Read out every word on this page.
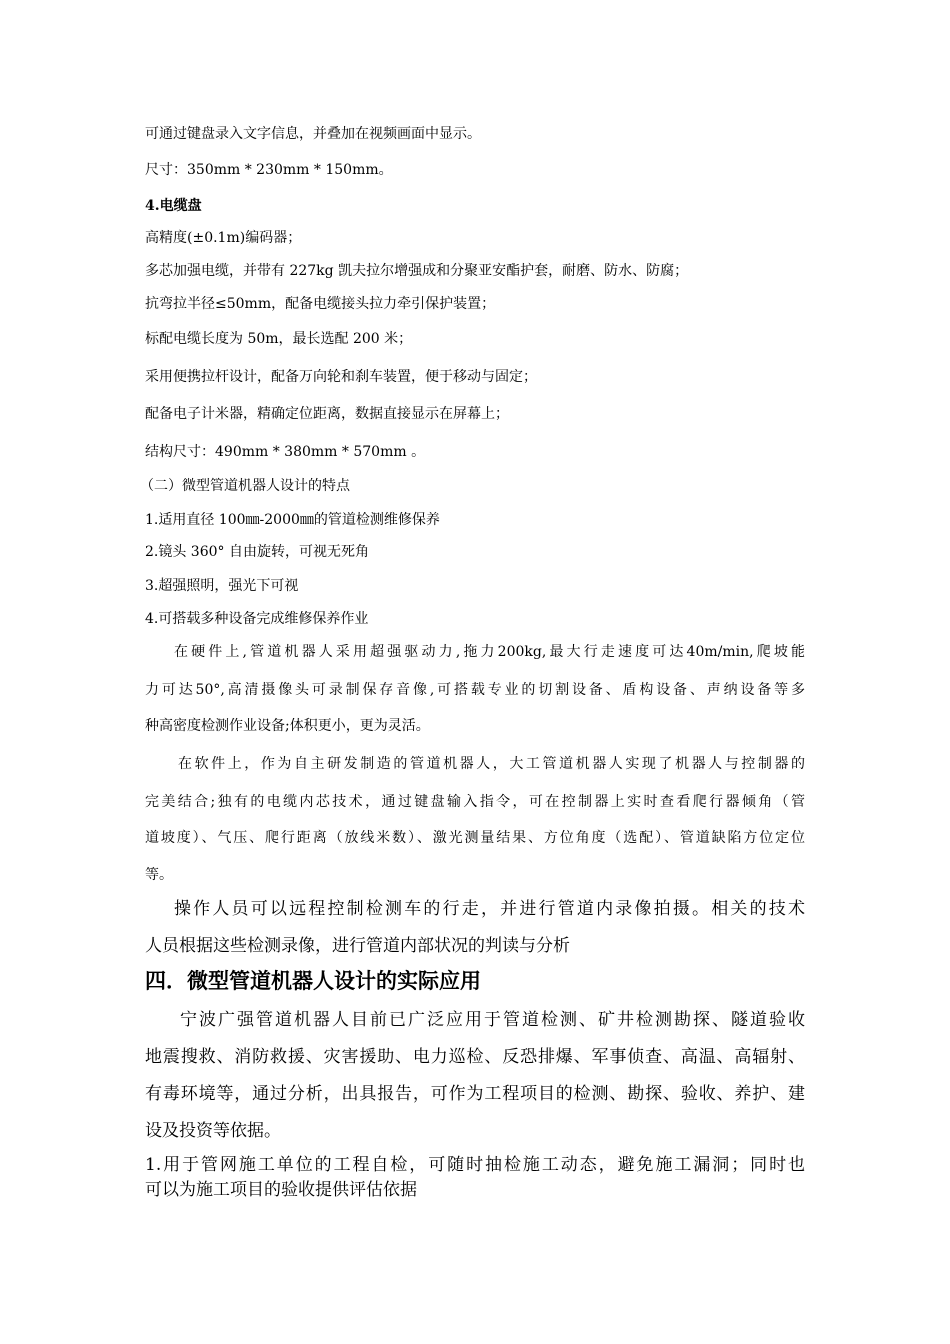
可通过键盘录入文字信息，并叠加在视频画面中显示。
尺寸：350mm * 230mm * 150mm。
4.电缆盘
高精度(±0.1m)编码器；
多芯加强电缆，并带有 227kg 凯夫拉尔增强成和分聚亚安酯护套，耐磨、防水、防腐；
抗弯拉半径≤50mm，配备电缆接头拉力牵引保护装置；
标配电缆长度为 50m，最长选配 200 米；
采用便携拉杆设计，配备万向轮和刹车装置，便于移动与固定；
配备电子计米器，精确定位距离，数据直接显示在屏幕上；
结构尺寸：490mm * 380mm * 570mm 。
（二）微型管道机器人设计的特点
1.适用直径 100㎜-2000㎜的管道检测维修保养
2.镜头 360° 自由旋转，可视无死角
3.超强照明，强光下可视
4.可搭载多种设备完成维修保养作业
在硬件上,管道机器人采用超强驱动力,拖力200kg,最大行走速度可达40m/min,爬坡能
力可达50°,高清摄像头可录制保存音像,可搭载专业的切割设备、盾构设备、声纳设备等多
种高密度检测作业设备;体积更小，更为灵活。
在软件上，作为自主研发制造的管道机器人，大工管道机器人实现了机器人与控制器的
完美结合;独有的电缆内芯技术，通过键盘输入指令，可在控制器上实时查看爬行器倾角（管
道坡度）、气压、爬行距离（放线米数）、激光测量结果、方位角度（选配）、管道缺陷方位定位
等。
操作人员可以远程控制检测车的行走，并进行管道内录像拍摄。相关的技术
人员根据这些检测录像，进行管道内部状况的判读与分析
四．微型管道机器人设计的实际应用
宁波广强管道机器人目前已广泛应用于管道检测、矿井检测勘探、隧道验收
地震搜救、消防救援、灾害援助、电力巡检、反恐排爆、军事侦查、高温、高辐射、
有毒环境等，通过分析，出具报告，可作为工程项目的检测、勘探、验收、养护、建
设及投资等依据。
1.用于管网施工单位的工程自检，可随时抽检施工动态，避免施工漏洞；同时也
可以为施工项目的验收提供评估依据
